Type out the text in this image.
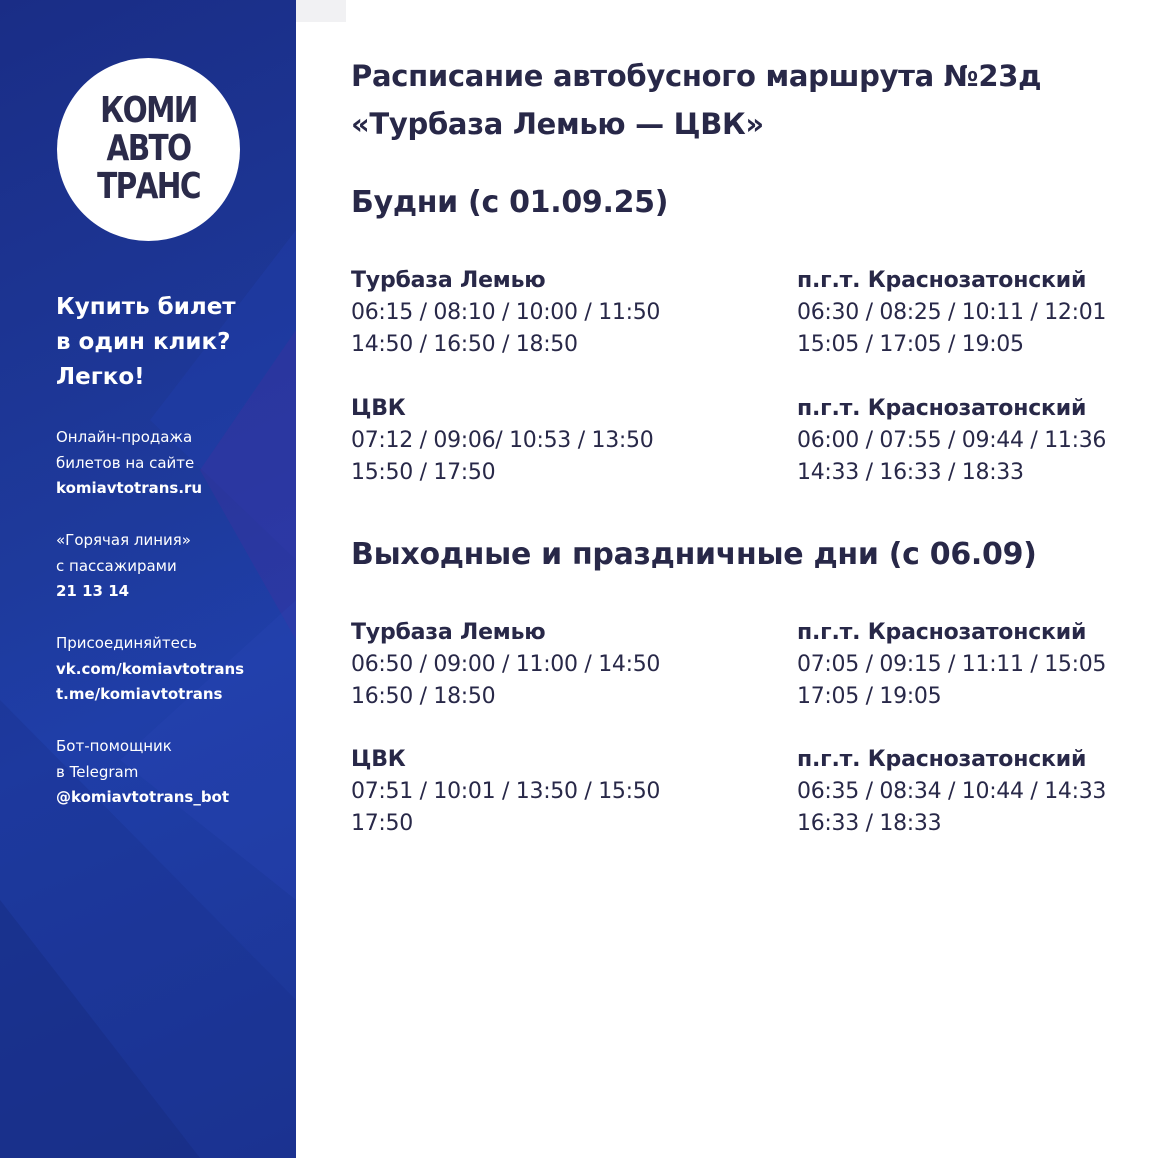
КОМИ
АВТО
ТРАНС
Купить билет
в один клик?
Легко!
Онлайн-продажа
билетов на сайте
komiavtotrans.ru
«Горячая линия»
с пассажирами
21 13 14
Присоединяйтесь
vk.com/komiavtotrans
t.me/komiavtotrans
Бот-помощник
в Telegram
@komiavtotrans_bot
Расписание автобусного маршрута №23д
«Турбаза Лемью — ЦВК»
Будни (с 01.09.25)
Турбаза Лемью
06:15 / 08:10 / 10:00 / 11:50
14:50 / 16:50 / 18:50
п.г.т. Краснозатонский
06:30 / 08:25 / 10:11 / 12:01
15:05 / 17:05 / 19:05
ЦВК
07:12 / 09:06/ 10:53 / 13:50
15:50 / 17:50
п.г.т. Краснозатонский
06:00 / 07:55 / 09:44 / 11:36
14:33 / 16:33 / 18:33
Выходные и праздничные дни (с 06.09)
Турбаза Лемью
06:50 / 09:00 / 11:00 / 14:50
16:50 / 18:50
п.г.т. Краснозатонский
07:05 / 09:15 / 11:11 / 15:05
17:05 / 19:05
ЦВК
07:51 / 10:01 / 13:50 / 15:50
17:50
п.г.т. Краснозатонский
06:35 / 08:34 / 10:44 / 14:33
16:33 / 18:33
